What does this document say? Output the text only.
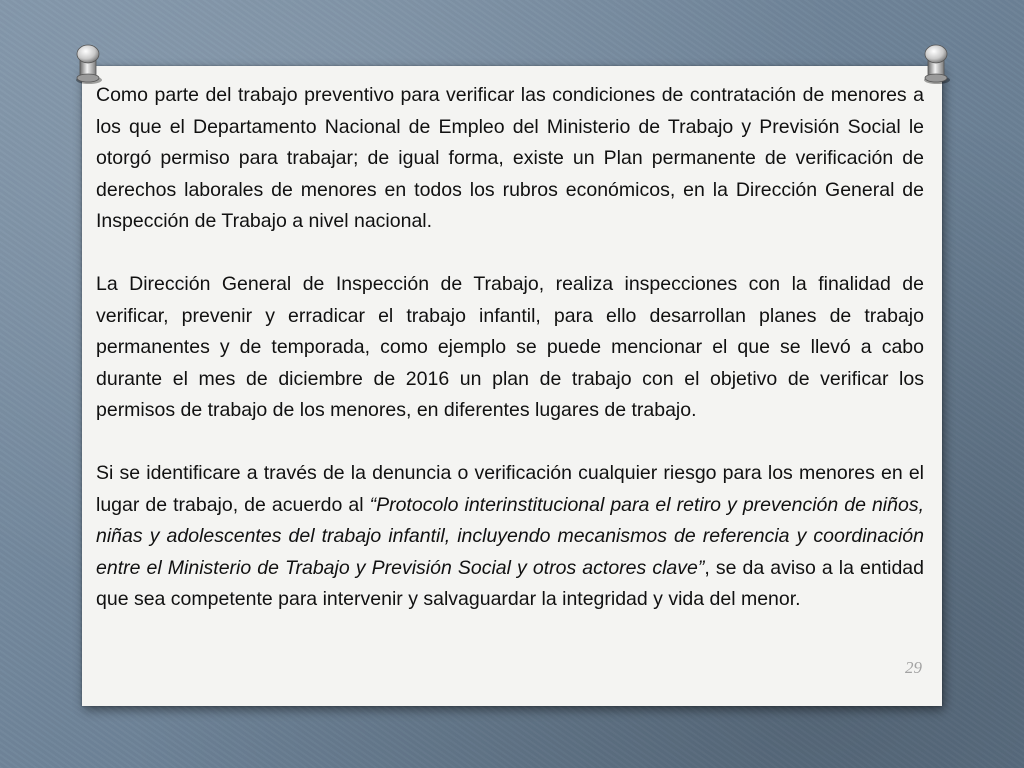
Como parte del trabajo preventivo para verificar las condiciones de contratación de menores a los que el Departamento Nacional de Empleo del Ministerio de Trabajo y Previsión Social le otorgó permiso para trabajar; de igual forma, existe un Plan permanente de verificación de derechos laborales de menores en todos los rubros económicos, en la Dirección General de Inspección de Trabajo a nivel nacional.

La Dirección General de Inspección de Trabajo, realiza inspecciones con la finalidad de verificar, prevenir y erradicar el trabajo infantil, para ello desarrollan planes de trabajo permanentes y de temporada, como ejemplo se puede mencionar el que se llevó a cabo durante el mes de diciembre de 2016 un plan de trabajo con el objetivo de verificar los permisos de trabajo de los menores, en diferentes lugares de trabajo.

Si se identificare a través de la denuncia o verificación cualquier riesgo para los menores en el lugar de trabajo, de acuerdo al “Protocolo interinstitucional para el retiro y prevención de niños, niñas y adolescentes del trabajo infantil, incluyendo mecanismos de referencia y coordinación entre el Ministerio de Trabajo y Previsión Social y otros actores clave”, se da aviso a la entidad que sea competente para intervenir y salvaguardar la integridad y vida del menor.

29
